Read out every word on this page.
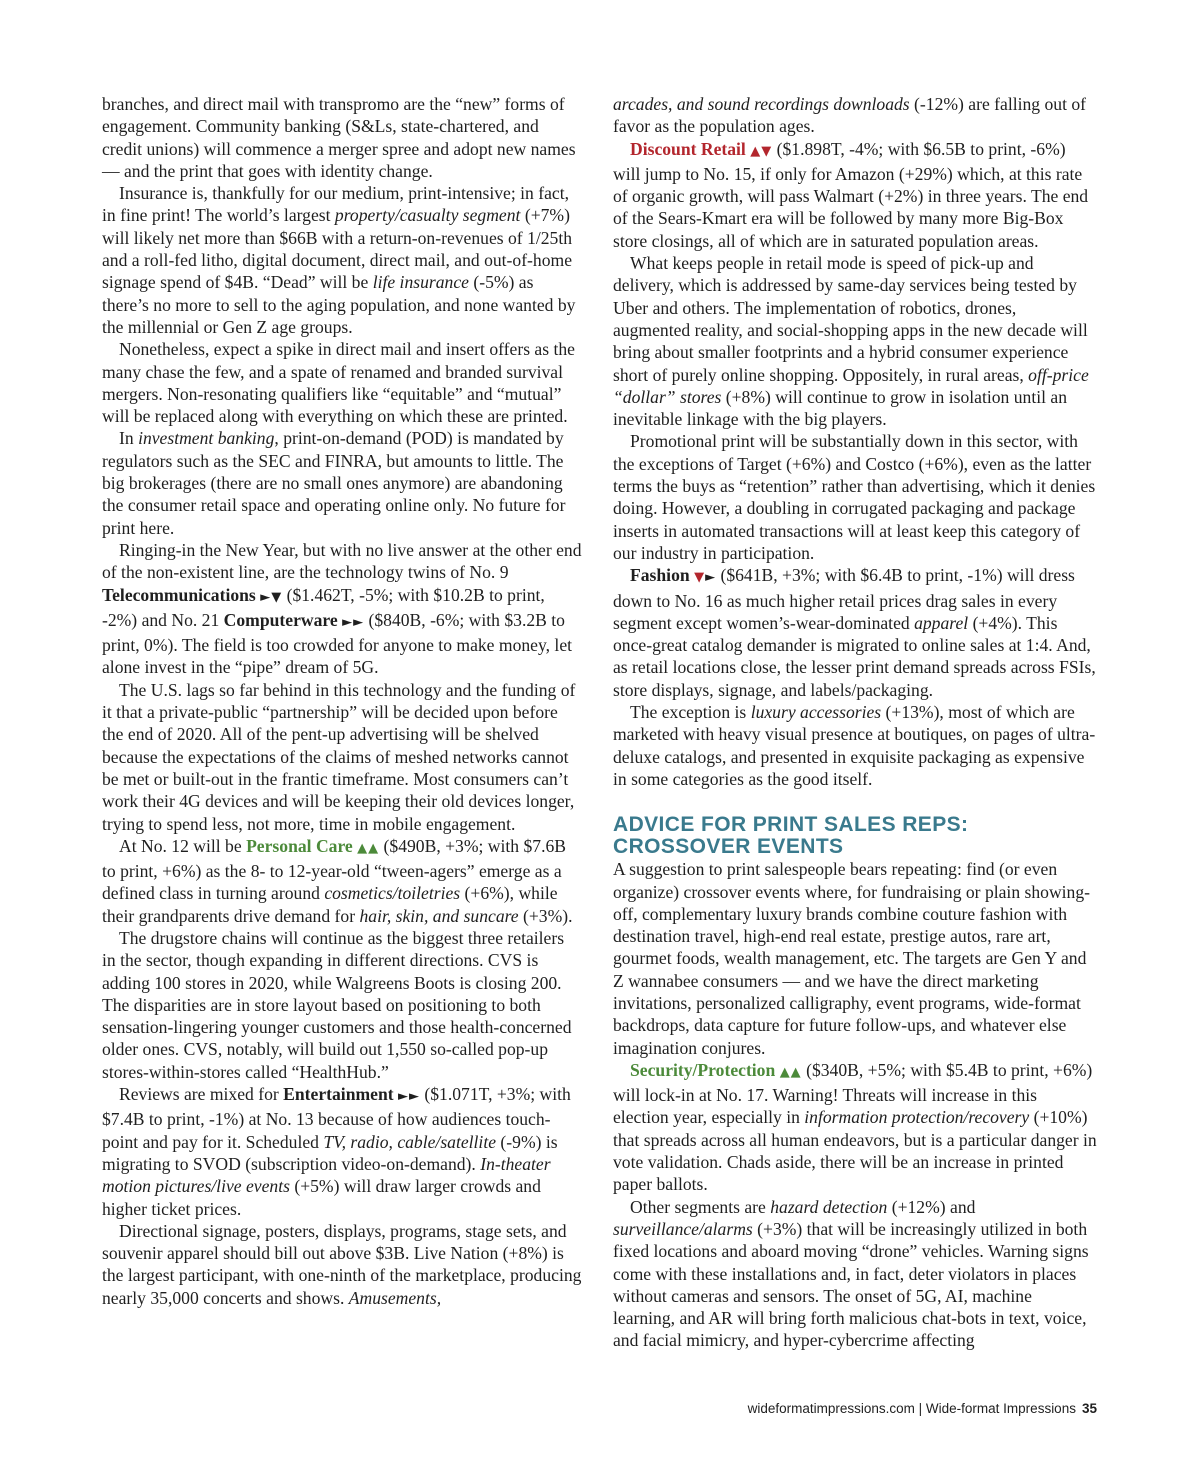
branches, and direct mail with transpromo are the “new” forms of engagement. Community banking (S&Ls, state-chartered, and credit unions) will commence a merger spree and adopt new names — and the print that goes with identity change.

Insurance is, thankfully for our medium, print-intensive; in fact, in fine print! The world’s largest property/casualty segment (+7%) will likely net more than $66B with a return-on-revenues of 1/25th and a roll-fed litho, digital document, direct mail, and out-of-home signage spend of $4B. “Dead” will be life insurance (-5%) as there’s no more to sell to the aging population, and none wanted by the millennial or Gen Z age groups.

Nonetheless, expect a spike in direct mail and insert offers as the many chase the few, and a spate of renamed and branded survival mergers. Non-resonating qualifiers like “equitable” and “mutual” will be replaced along with everything on which these are printed.

In investment banking, print-on-demand (POD) is mandated by regulators such as the SEC and FINRA, but amounts to little. The big brokerages (there are no small ones anymore) are abandoning the consumer retail space and operating online only. No future for print here.

Ringing-in the New Year, but with no live answer at the other end of the non-existent line, are the technology twins of No. 9 Telecommunications ►▼ ($1.462T, -5%; with $10.2B to print, -2%) and No. 21 Computerware ►► ($840B, -6%; with $3.2B to print, 0%). The field is too crowded for anyone to make money, let alone invest in the “pipe” dream of 5G.

The U.S. lags so far behind in this technology and the funding of it that a private-public “partnership” will be decided upon before the end of 2020. All of the pent-up advertising will be shelved because the expectations of the claims of meshed networks cannot be met or built-out in the frantic timeframe. Most consumers can’t work their 4G devices and will be keeping their old devices longer, trying to spend less, not more, time in mobile engagement.

At No. 12 will be Personal Care ▲▲ ($490B, +3%; with $7.6B to print, +6%) as the 8- to 12-year-old “tween-agers” emerge as a defined class in turning around cosmetics/toiletries (+6%), while their grandparents drive demand for hair, skin, and suncare (+3%).

The drugstore chains will continue as the biggest three retailers in the sector, though expanding in different directions. CVS is adding 100 stores in 2020, while Walgreens Boots is closing 200. The disparities are in store layout based on positioning to both sensation-lingering younger customers and those health-concerned older ones. CVS, notably, will build out 1,550 so-called pop-up stores-within-stores called “HealthHub.”

Reviews are mixed for Entertainment ►► ($1.071T, +3%; with $7.4B to print, -1%) at No. 13 because of how audiences touch-point and pay for it. Scheduled TV, radio, cable/satellite (-9%) is migrating to SVOD (subscription video-on-demand). In-theater motion pictures/live events (+5%) will draw larger crowds and higher ticket prices.

Directional signage, posters, displays, programs, stage sets, and souvenir apparel should bill out above $3B. Live Nation (+8%) is the largest participant, with one-ninth of the marketplace, producing nearly 35,000 concerts and shows. Amusements,

arcades, and sound recordings downloads (-12%) are falling out of favor as the population ages.

Discount Retail ▲▼ ($1.898T, -4%; with $6.5B to print, -6%) will jump to No. 15, if only for Amazon (+29%) which, at this rate of organic growth, will pass Walmart (+2%) in three years. The end of the Sears-Kmart era will be followed by many more Big-Box store closings, all of which are in saturated population areas.

What keeps people in retail mode is speed of pick-up and delivery, which is addressed by same-day services being tested by Uber and others. The implementation of robotics, drones, augmented reality, and social-shopping apps in the new decade will bring about smaller footprints and a hybrid consumer experience short of purely online shopping. Oppositely, in rural areas, off-price “dollar” stores (+8%) will continue to grow in isolation until an inevitable linkage with the big players.

Promotional print will be substantially down in this sector, with the exceptions of Target (+6%) and Costco (+6%), even as the latter terms the buys as “retention” rather than advertising, which it denies doing. However, a doubling in corrugated packaging and package inserts in automated transactions will at least keep this category of our industry in participation.

Fashion ▼► ($641B, +3%; with $6.4B to print, -1%) will dress down to No. 16 as much higher retail prices drag sales in every segment except women’s-wear-dominated apparel (+4%). This once-great catalog demander is migrated to online sales at 1:4. And, as retail locations close, the lesser print demand spreads across FSIs, store displays, signage, and labels/packaging.

The exception is luxury accessories (+13%), most of which are marketed with heavy visual presence at boutiques, on pages of ultra-deluxe catalogs, and presented in exquisite packaging as expensive in some categories as the good itself.

ADVICE FOR PRINT SALES REPS:
CROSSOVER EVENTS

A suggestion to print salespeople bears repeating: find (or even organize) crossover events where, for fundraising or plain showing-off, complementary luxury brands combine couture fashion with destination travel, high-end real estate, prestige autos, rare art, gourmet foods, wealth management, etc. The targets are Gen Y and Z wannabee consumers — and we have the direct marketing invitations, personalized calligraphy, event programs, wide-format backdrops, data capture for future follow-ups, and whatever else imagination conjures.

Security/Protection ▲▲ ($340B, +5%; with $5.4B to print, +6%) will lock-in at No. 17. Warning! Threats will increase in this election year, especially in information protection/recovery (+10%) that spreads across all human endeavors, but is a particular danger in vote validation. Chads aside, there will be an increase in printed paper ballots.

Other segments are hazard detection (+12%) and surveillance/alarms (+3%) that will be increasingly utilized in both fixed locations and aboard moving “drone” vehicles. Warning signs come with these installations and, in fact, deter violators in places without cameras and sensors. The onset of 5G, AI, machine learning, and AR will bring forth malicious chat-bots in text, voice, and facial mimicry, and hyper-cybercrime affecting

wideformatimpressions.com | Wide-format Impressions 35
